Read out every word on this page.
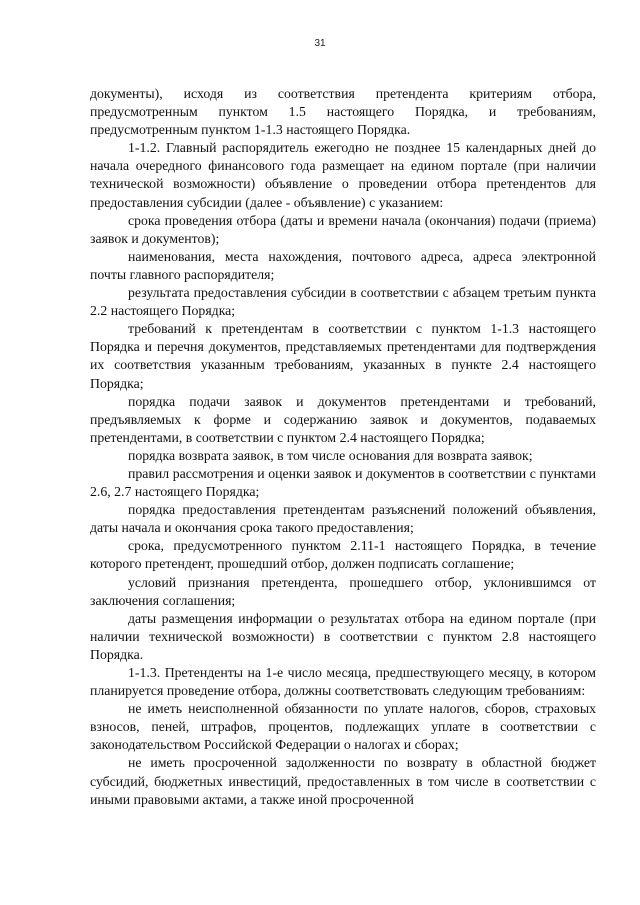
31

документы), исходя из соответствия претендента критериям отбора, предусмотренным пунктом 1.5 настоящего Порядка, и требованиям, предусмотренным пунктом 1-1.3 настоящего Порядка.

1-1.2. Главный распорядитель ежегодно не позднее 15 календарных дней до начала очередного финансового года размещает на едином портале (при наличии технической возможности) объявление о проведении отбора претендентов для предоставления субсидии (далее - объявление) с указанием:

срока проведения отбора (даты и времени начала (окончания) подачи (приема) заявок и документов);

наименования, места нахождения, почтового адреса, адреса электронной почты главного распорядителя;

результата предоставления субсидии в соответствии с абзацем третьим пункта 2.2 настоящего Порядка;

требований к претендентам в соответствии с пунктом 1-1.3 настоящего Порядка и перечня документов, представляемых претендентами для подтверждения их соответствия указанным требованиям, указанных в пункте 2.4 настоящего Порядка;

порядка подачи заявок и документов претендентами и требований, предъявляемых к форме и содержанию заявок и документов, подаваемых претендентами, в соответствии с пунктом 2.4 настоящего Порядка;

порядка возврата заявок, в том числе основания для возврата заявок;

правил рассмотрения и оценки заявок и документов в соответствии с пунктами 2.6, 2.7 настоящего Порядка;

порядка предоставления претендентам разъяснений положений объявления, даты начала и окончания срока такого предоставления;

срока, предусмотренного пунктом 2.11-1 настоящего Порядка, в течение которого претендент, прошедший отбор, должен подписать соглашение;

условий признания претендента, прошедшего отбор, уклонившимся от заключения соглашения;

даты размещения информации о результатах отбора на едином портале (при наличии технической возможности) в соответствии с пунктом 2.8 настоящего Порядка.

1-1.3. Претенденты на 1-е число месяца, предшествующего месяцу, в котором планируется проведение отбора, должны соответствовать следующим требованиям:

не иметь неисполненной обязанности по уплате налогов, сборов, страховых взносов, пеней, штрафов, процентов, подлежащих уплате в соответствии с законодательством Российской Федерации о налогах и сборах;

не иметь просроченной задолженности по возврату в областной бюджет субсидий, бюджетных инвестиций, предоставленных в том числе в соответствии с иными правовыми актами, а также иной просроченной
